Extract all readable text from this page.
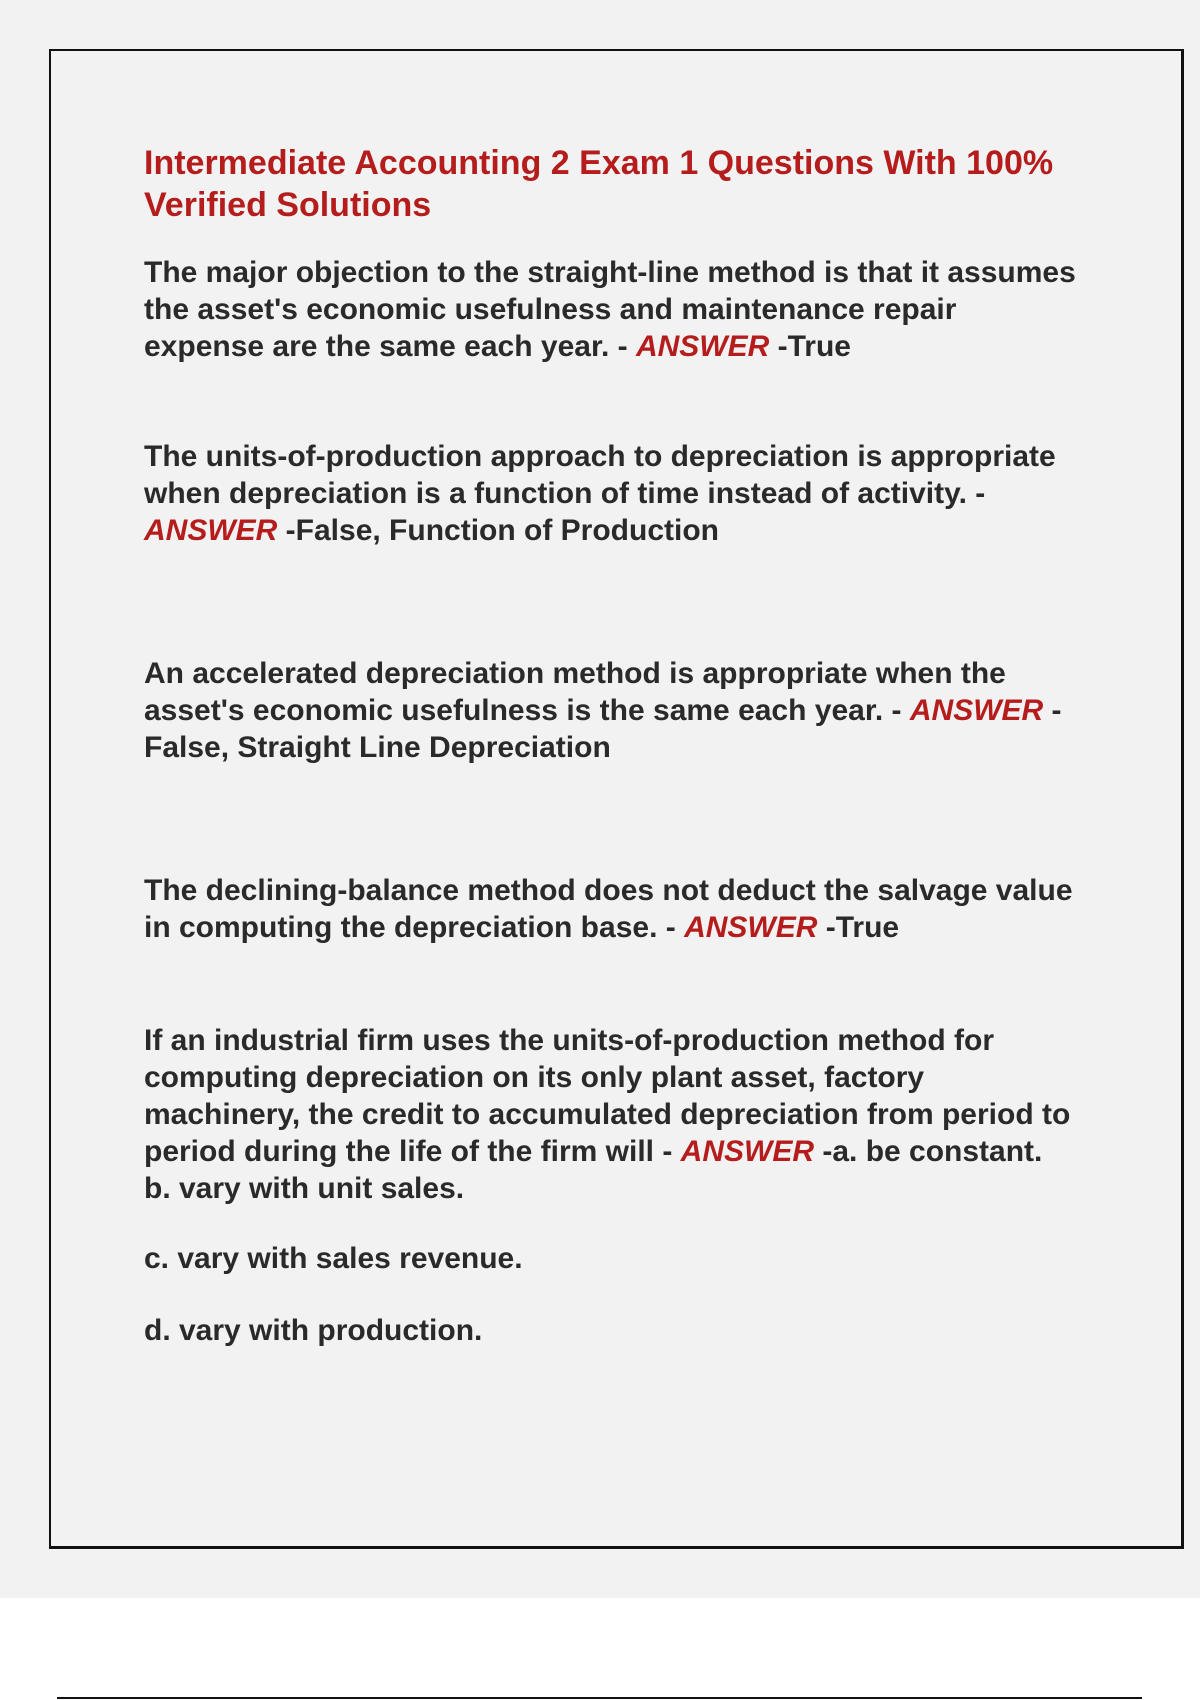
Intermediate Accounting 2 Exam 1 Questions With 100% Verified Solutions

The major objection to the straight-line method is that it assumes the asset's economic usefulness and maintenance repair expense are the same each year. - ANSWER -True

The units-of-production approach to depreciation is appropriate when depreciation is a function of time instead of activity. - ANSWER -False, Function of Production

An accelerated depreciation method is appropriate when the asset's economic usefulness is the same each year. - ANSWER -False, Straight Line Depreciation

The declining-balance method does not deduct the salvage value in computing the depreciation base. - ANSWER -True

If an industrial firm uses the units-of-production method for computing depreciation on its only plant asset, factory machinery, the credit to accumulated depreciation from period to period during the life of the firm will - ANSWER -a. be constant.

b. vary with unit sales.

c. vary with sales revenue.

d. vary with production.
